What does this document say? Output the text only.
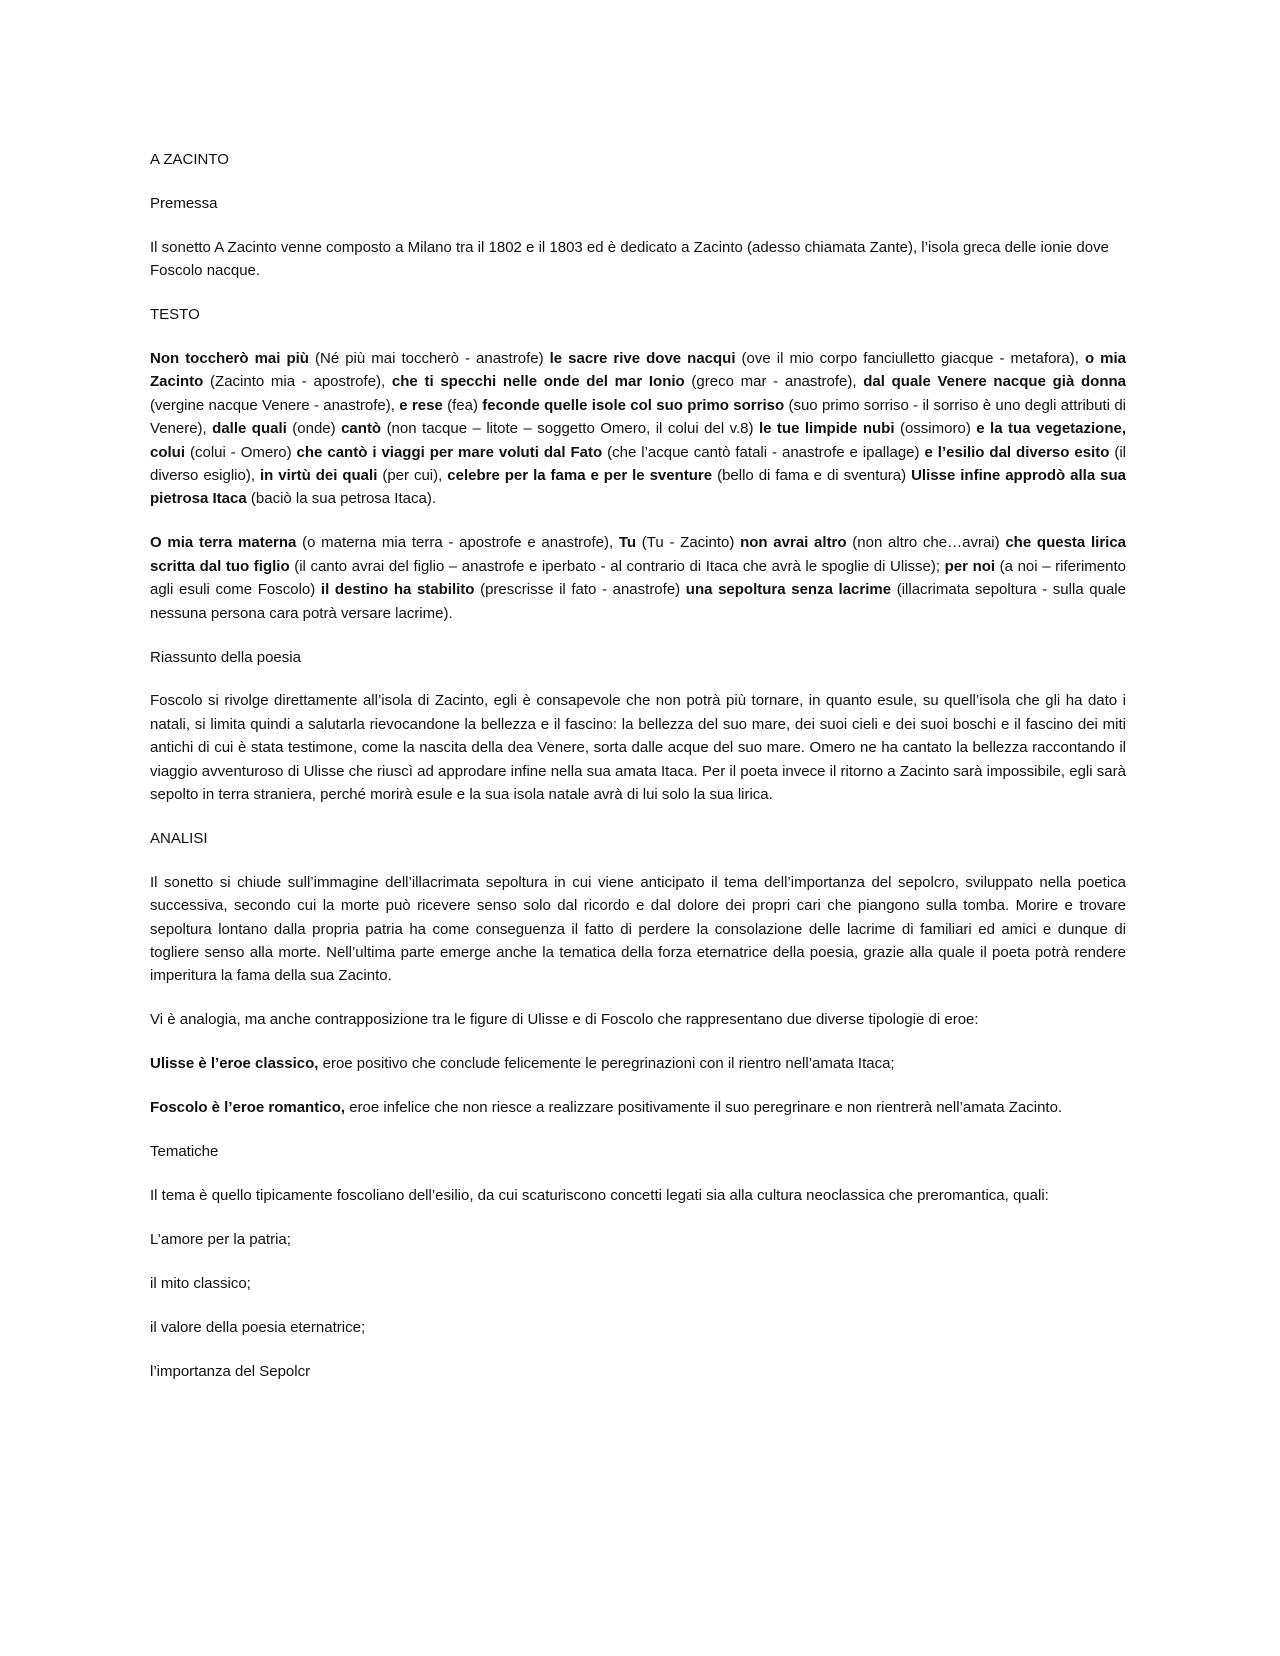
A ZACINTO

Premessa

Il sonetto A Zacinto venne composto a Milano tra il 1802 e il 1803 ed è dedicato a Zacinto (adesso chiamata Zante), l’isola greca delle ionie dove Foscolo nacque.

TESTO

Non toccherò mai più (Né più mai toccherò - anastrofe) le sacre rive dove nacqui (ove il mio corpo fanciulletto giacque - metafora), o mia Zacinto (Zacinto mia - apostrofe), che ti specchi nelle onde del mar Ionio (greco mar - anastrofe), dal quale Venere nacque già donna (vergine nacque Venere - anastrofe), e rese (fea) feconde quelle isole col suo primo sorriso (suo primo sorriso - il sorriso è uno degli attributi di Venere), dalle quali (onde) cantò (non tacque – litote – soggetto Omero, il colui del v.8) le tue limpide nubi (ossimoro) e la tua vegetazione, colui (colui - Omero) che cantò i viaggi per mare voluti dal Fato (che l’acque cantò fatali - anastrofe e ipallage) e l’esilio dal diverso esito (il diverso esiglio), in virtù dei quali (per cui), celebre per la fama e per le sventure (bello di fama e di sventura) Ulisse infine approdò alla sua pietrosa Itaca (baciò la sua petrosa Itaca).

O mia terra materna (o materna mia terra - apostrofe e anastrofe), Tu (Tu - Zacinto) non avrai altro (non altro che…avrai) che questa lirica scritta dal tuo figlio (il canto avrai del figlio – anastrofe e iperbato - al contrario di Itaca che avrà le spoglie di Ulisse); per noi (a noi – riferimento agli esuli come Foscolo) il destino ha stabilito (prescrisse il fato - anastrofe) una sepoltura senza lacrime (illacrimata sepoltura - sulla quale nessuna persona cara potrà versare lacrime).

Riassunto della poesia

Foscolo si rivolge direttamente all’isola di Zacinto, egli è consapevole che non potrà più tornare, in quanto esule, su quell’isola che gli ha dato i natali, si limita quindi a salutarla rievocandone la bellezza e il fascino: la bellezza del suo mare, dei suoi cieli e dei suoi boschi e il fascino dei miti antichi di cui è stata testimone, come la nascita della dea Venere, sorta dalle acque del suo mare. Omero ne ha cantato la bellezza raccontando il viaggio avventuroso di Ulisse che riuscì ad approdare infine nella sua amata Itaca. Per il poeta invece il ritorno a Zacinto sarà impossibile, egli sarà sepolto in terra straniera, perché morirà esule e la sua isola natale avrà di lui solo la sua lirica.

ANALISI

Il sonetto si chiude sull’immagine dell’illacrimata sepoltura in cui viene anticipato il tema dell’importanza del sepolcro, sviluppato nella poetica successiva, secondo cui la morte può ricevere senso solo dal ricordo e dal dolore dei propri cari che piangono sulla tomba. Morire e trovare sepoltura lontano dalla propria patria ha come conseguenza il fatto di perdere la consolazione delle lacrime di familiari ed amici e dunque di togliere senso alla morte. Nell’ultima parte emerge anche la tematica della forza eternatrice della poesia, grazie alla quale il poeta potrà rendere imperitura la fama della sua Zacinto.

Vi è analogia, ma anche contrapposizione tra le figure di Ulisse e di Foscolo che rappresentano due diverse tipologie di eroe:

Ulisse è l’eroe classico, eroe positivo che conclude felicemente le peregrinazioni con il rientro nell’amata Itaca;

Foscolo è l’eroe romantico, eroe infelice che non riesce a realizzare positivamente il suo peregrinare e non rientrerà nell’amata Zacinto.

Tematiche

Il tema è quello tipicamente foscoliano dell’esilio, da cui scaturiscono concetti legati sia alla cultura neoclassica che preromantica, quali:

L’amore per la patria;

il mito classico;

il valore della poesia eternatrice;

l’importanza del Sepolcr
